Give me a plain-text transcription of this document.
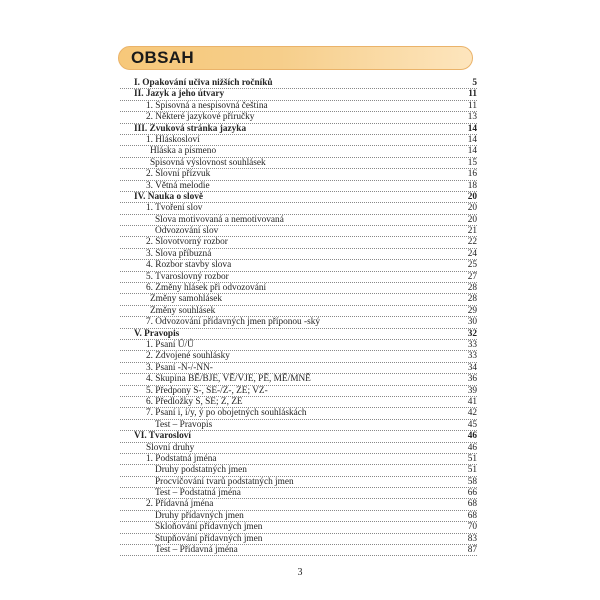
OBSAH
I. Opakování učiva nižších ročníků	5
II. Jazyk a jeho útvary	11
1. Spisovná a nespisovná čeština	11
2. Některé jazykové příručky	13
III. Zvuková stránka jazyka	14
1. Hláskosloví	14
Hláska a písmeno	14
Spisovná výslovnost souhlásek	15
2. Slovní přízvuk	16
3. Větná melodie	18
IV. Nauka o slově	20
1. Tvoření slov	20
Slova motivovaná a nemotivovaná	20
Odvozování slov	21
2. Slovotvorný rozbor	22
3. Slova příbuzná	24
4. Rozbor stavby slova	25
5. Tvaroslovný rozbor	27
6. Změny hlásek při odvozování	28
Změny samohlásek	28
Změny souhlásek	29
7. Odvozování přídavných jmen příponou -ský	30
V. Pravopis	32
1. Psaní Ú/Ů	33
2. Zdvojené souhlásky	33
3. Psaní -N-/-NN-	34
4. Skupina BĚ/BJE, VĚ/VJE, PĚ, MĚ/MNĚ	36
5. Předpony S-, SE-/Z-, ZE; VZ-	39
6. Předložky S, SE; Z, ZE	41
7. Psaní i, í/y, ý po obojetných souhláskách	42
Test – Pravopis	45
VI. Tvarosloví	46
Slovní druhy	46
1. Podstatná jména	51
Druhy podstatných jmen	51
Procvičování tvarů podstatných jmen	58
Test – Podstatná jména	66
2. Přídavná jména	68
Druhy přídavných jmen	68
Skloňování přídavných jmen	70
Stupňování přídavných jmen	83
Test – Přídavná jména	87
3
